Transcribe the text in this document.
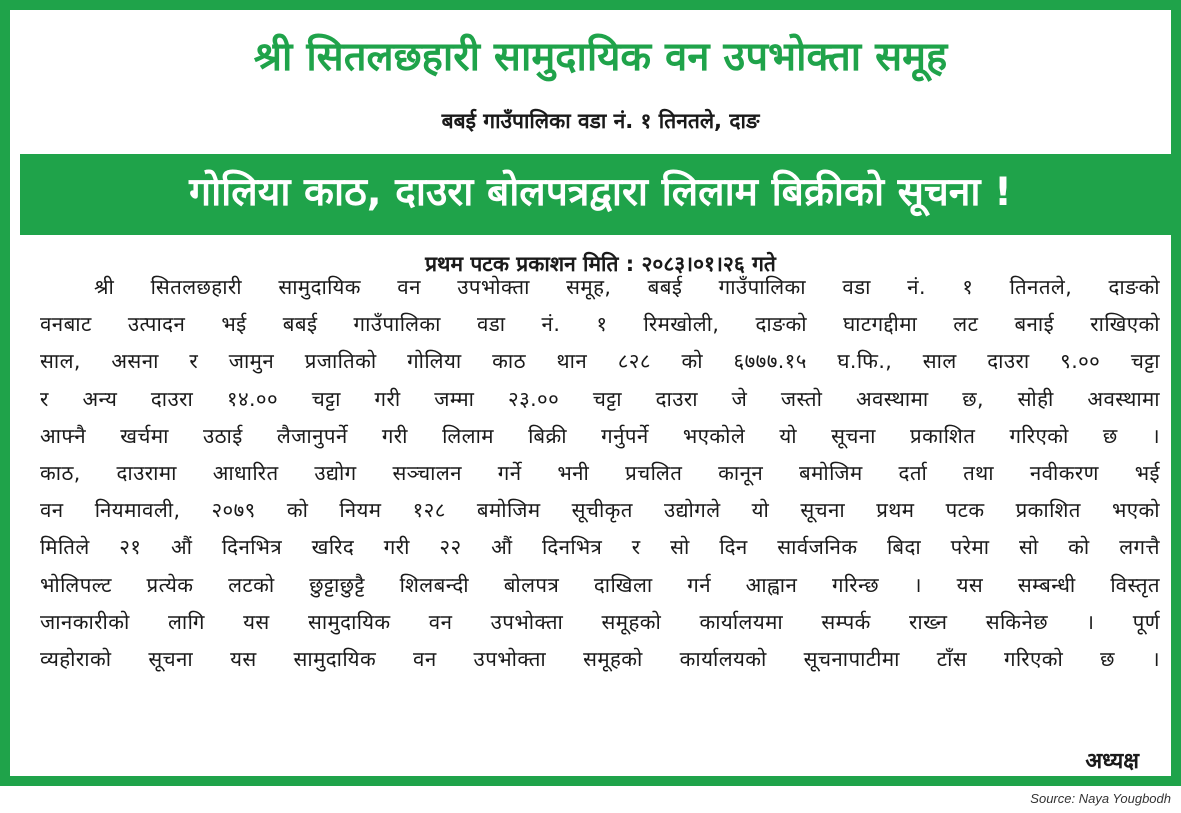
श्री सितलछहारी सामुदायिक वन उपभोक्ता समूह
बबई गाउँपालिका वडा नं. १ तिनतले, दाङ
गोलिया काठ, दाउरा बोलपत्रद्वारा लिलाम बिक्रीको सूचना !
प्रथम पटक प्रकाशन मिति : २०८३।०१।२६ गते
श्री सितलछहारी सामुदायिक वन उपभोक्ता समूह, बबई गाउँपालिका वडा नं. १ तिनतले, दाङको
वनबाट उत्पादन भई बबई गाउँपालिका वडा नं. १ रिमखोली, दाङको घाटगद्दीमा लट बनाई राखिएको
साल, असना र जामुन प्रजातिको गोलिया काठ थान ८२८ को ६७७७.१५ घ.फि., साल दाउरा ९.०० चट्टा
र अन्य दाउरा १४.०० चट्टा गरी जम्मा २३.०० चट्टा दाउरा जे जस्तो अवस्थामा छ, सोही अवस्थामा
आफ्नै खर्चमा उठाई लैजानुपर्ने गरी लिलाम बिक्री गर्नुपर्ने भएकोले यो सूचना प्रकाशित गरिएको छ ।
काठ, दाउरामा आधारित उद्योग सञ्चालन गर्ने भनी प्रचलित कानून बमोजिम दर्ता तथा नवीकरण भई
वन नियमावली, २०७९ को नियम १२८ बमोजिम सूचीकृत उद्योगले यो सूचना प्रथम पटक प्रकाशित भएको
मितिले २१ औं दिनभित्र खरिद गरी २२ औं दिनभित्र र सो दिन सार्वजनिक बिदा परेमा सो को लगत्तै
भोलिपल्ट प्रत्येक लटको छुट्टाछुट्टै शिलबन्दी बोलपत्र दाखिला गर्न आह्वान गरिन्छ । यस सम्बन्धी विस्तृत
जानकारीको लागि यस सामुदायिक वन उपभोक्ता समूहको कार्यालयमा सम्पर्क राख्न सकिनेछ । पूर्ण
व्यहोराको सूचना यस सामुदायिक वन उपभोक्ता समूहको कार्यालयको सूचनापाटीमा टाँस गरिएको छ ।
अध्यक्ष
Source: Naya Yougbodh
